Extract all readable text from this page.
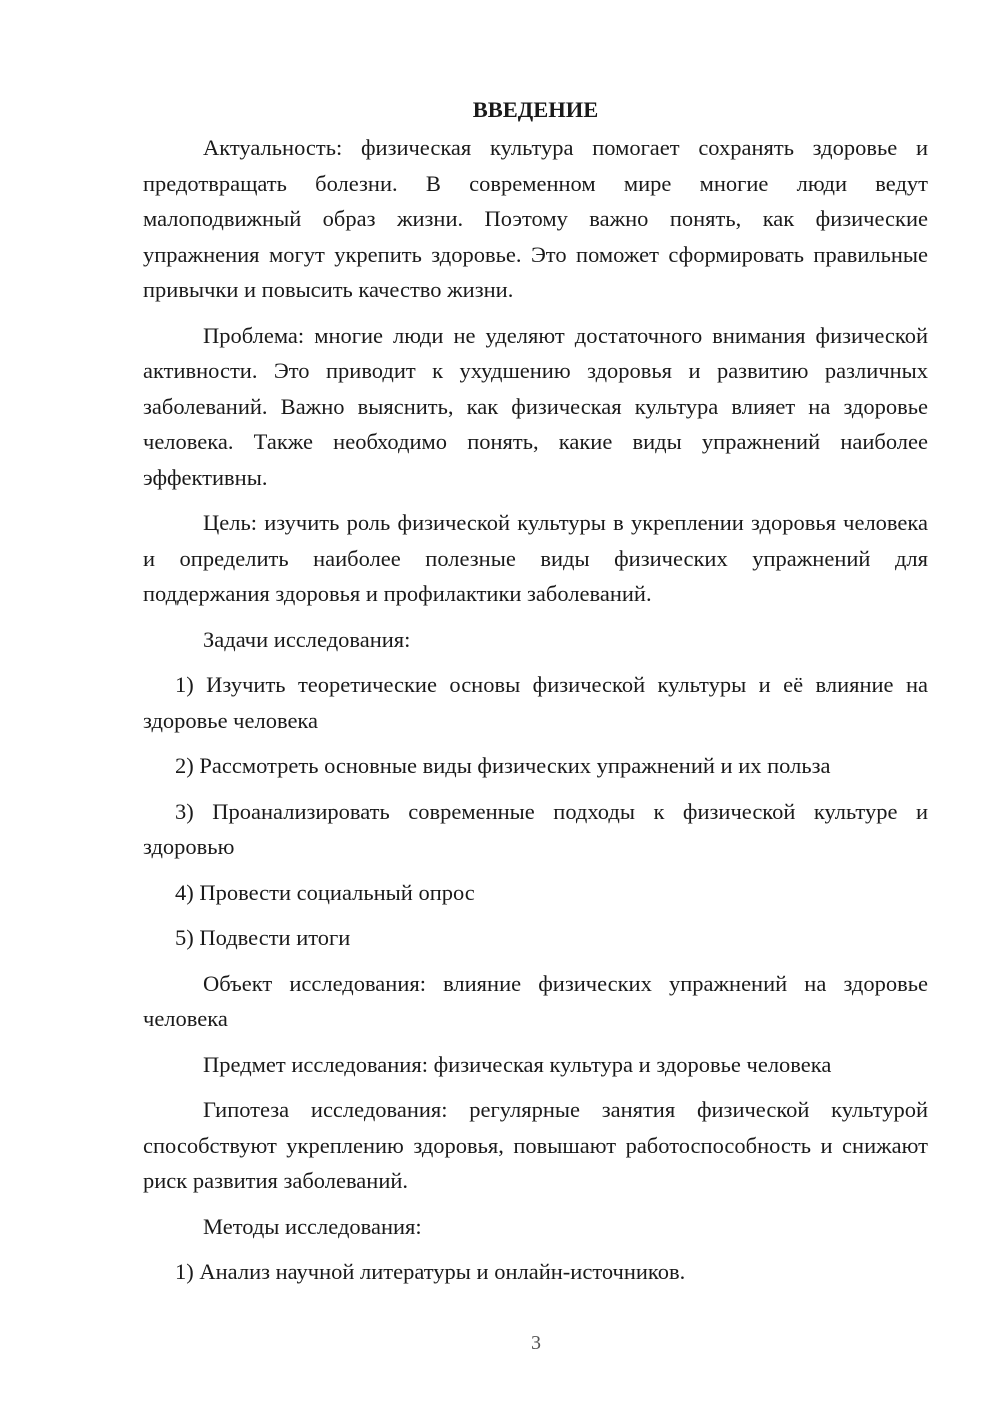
ВВЕДЕНИЕ

Актуальность: физическая культура помогает сохранять здоровье и предотвращать болезни. В современном мире многие люди ведут малоподвижный образ жизни. Поэтому важно понять, как физические упражнения могут укрепить здоровье. Это поможет сформировать правильные привычки и повысить качество жизни.

Проблема: многие люди не уделяют достаточного внимания физической активности. Это приводит к ухудшению здоровья и развитию различных заболеваний. Важно выяснить, как физическая культура влияет на здоровье человека. Также необходимо понять, какие виды упражнений наиболее эффективны.

Цель: изучить роль физической культуры в укреплении здоровья человека и определить наиболее полезные виды физических упражнений для поддержания здоровья и профилактики заболеваний.

Задачи исследования:

1) Изучить теоретические основы физической культуры и её влияние на здоровье человека

2) Рассмотреть основные виды физических упражнений и их польза

3) Проанализировать современные подходы к физической культуре и здоровью

4) Провести социальный опрос

5) Подвести итоги

Объект исследования: влияние физических упражнений на здоровье человека

Предмет исследования: физическая культура и здоровье человека

Гипотеза исследования: регулярные занятия физической культурой способствуют укреплению здоровья, повышают работоспособность и снижают риск развития заболеваний.

Методы исследования:

1) Анализ научной литературы и онлайн-источников.

3
